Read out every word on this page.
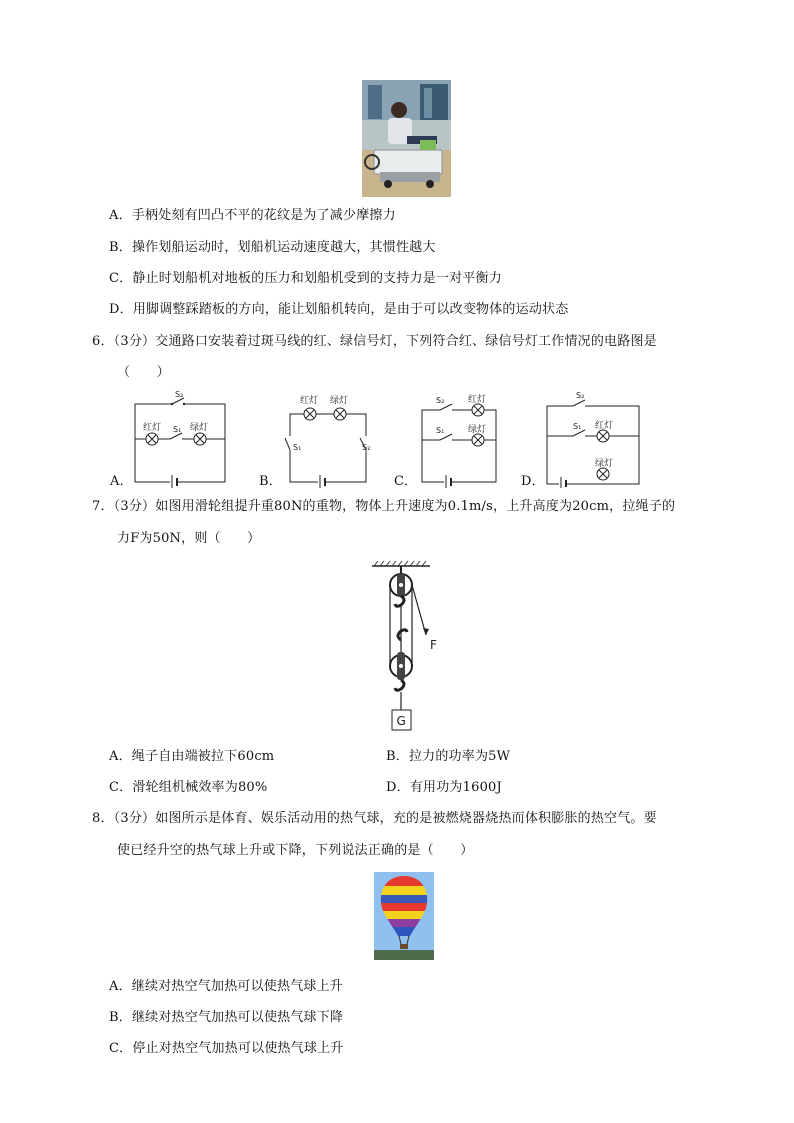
A．手柄处刻有凹凸不平的花纹是为了减少摩擦力
B．操作划船运动时，划船机运动速度越大，其惯性越大
C．静止时划船机对地板的压力和划船机受到的支持力是一对平衡力
D．用脚调整踩踏板的方向，能让划船机转向，是由于可以改变物体的运动状态
6．（3分）交通路口安装着过斑马线的红、绿信号灯，下列符合红、绿信号灯工作情况的电路图是
（　　）
S₂
S₁
红灯	绿灯
A．
红灯 绿灯
S₁	S₂
B．
S₂
S₁
红灯
绿灯
C．
S₂
S₁ 红灯
绿灯
D．
7．（3分）如图用滑轮组提升重80N的重物，物体上升速度为0.1m/s，上升高度为20cm，拉绳子的
力F为50N，则（　　）
F
G
A．绳子自由端被拉下60cm	B．拉力的功率为5W
C．滑轮组机械效率为80%	D．有用功为1600J
8．（3分）如图所示是体育、娱乐活动用的热气球，充的是被燃烧器烧热而体积膨胀的热空气。要
使已经升空的热气球上升或下降，下列说法正确的是（　　）
A．继续对热空气加热可以使热气球上升
B．继续对热空气加热可以使热气球下降
C．停止对热空气加热可以使热气球上升
